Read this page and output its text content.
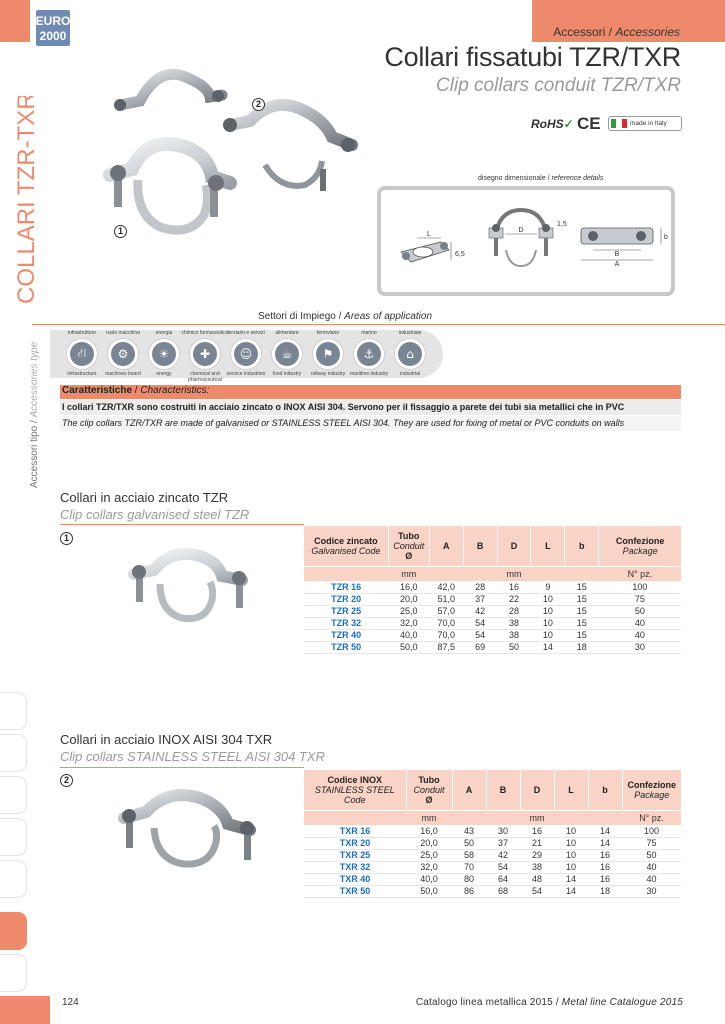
EURO
2000	Accessori / Accessories
Collari fissatubi TZR/TXR
Clip collars conduit TZR/TXR
COLLARI TZR-TXR
Accessori tipo / Accessories type
2
1
RoHS✓ CE	made in Italy
disegno dimensionale / reference details
L
6,5
D
1,5
b
B
A
Settori di Impiego / Areas of application
infrastrutture
⛙
infrastructure
ruolo macchina
⚙
machines board
energia
☀
energy
chimico farmaceutico
✚
chemical and pharmaceutical
terziario e servizi
☺
service industries
alimentare
☕
food industry
ferroviario
⚑
railway industry
marino
⚓
maritime industry
industriale
⌂
industrial
Caratteristiche / Characteristics:
I collari TZR/TXR sono costruiti in acciaio zincato o INOX AISI 304. Servono per il fissaggio a parete dei tubi sia metallici che in PVC
The clip collars TZR/TXR are made of galvanised or STAINLESS STEEL AISI 304. They are used for fixing of metal or PVC conduits on walls
Collari in acciaio zincato TZR
Clip collars galvanised steel TZR
1	Codice zincato
Galvanised Code	Tubo
Conduit
Ø	A	B	D	L	b	Confezione
Package
	mm	mm					N° pz.
TZR 16	16,0	42,0	28	16	9	15	100
TZR 20	20,0	51,0	37	22	10	15	75
TZR 25	25,0	57,0	42	28	10	15	50
TZR 32	32,0	70,0	54	38	10	15	40
TZR 40	40,0	70,0	54	38	10	15	40
TZR 50	50,0	87,5	69	50	14	18	30
Collari in acciaio INOX AISI 304 TXR
Clip collars STAINLESS STEEL AISI 304 TXR
2	Codice INOX
STAINLESS STEEL Code	Tubo
Conduit
Ø	A	B	D	L	b	Confezione
Package
	mm	mm					N° pz.
TXR 16	16,0	43	30	16	10	14	100
TXR 20	20,0	50	37	21	10	14	75
TXR 25	25,0	58	42	29	10	16	50
TXR 32	32,0	70	54	38	10	16	40
TXR 40	40,0	80	64	48	14	16	40
TXR 50	50,0	86	68	54	14	18	30
124	Catalogo linea metallica 2015 / Metal line Catalogue 2015
